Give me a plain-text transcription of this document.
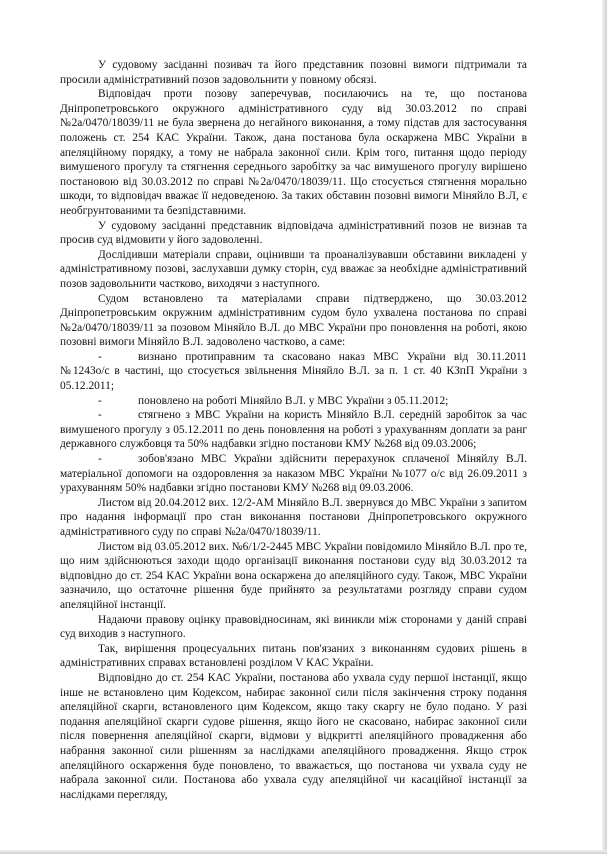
У судовому засіданні позивач та його представник позовні вимоги підтримали та просили адміністративний позов задовольнити у повному обсязі.

Відповідач проти позову заперечував, посилаючись на те, що постанова Дніпропетровського окружного адміністративного суду від 30.03.2012 по справі №2а/0470/18039/11 не була звернена до негайного виконання, а тому підстав для застосування положень ст. 254 КАС України. Також, дана постанова була оскаржена МВС України в апеляційному порядку, а тому не набрала законної сили. Крім того, питання щодо періоду вимушеного прогулу та стягнення середнього заробітку за час вимушеного прогулу вирішено постановою від 30.03.2012 по справі №2а/0470/18039/11. Що стосується стягнення морально шкоди, то відповідач вважає її недоведеною. За таких обставин позовні вимоги Міняйло В.Л, є необгрунтованими та безпідставними.

У судовому засіданні представник відповідача адміністративний позов не визнав та просив суд відмовити у його задоволенні.

Дослідивши матеріали справи, оцінивши та проаналізувавши обставини викладені у адміністративному позові, заслухавши думку сторін, суд вважає за необхідне адміністративний позов задовольнити частково, виходячи з наступного.

Судом встановлено та матеріалами справи підтверджено, що 30.03.2012 Дніпропетровським окружним адміністративним судом було ухвалена постанова по справі №2а/0470/18039/11 за позовом Міняйло В.Л. до МВС України про поновлення на роботі, якою позовні вимоги Міняйло В.Л. задоволено частково, а саме:

-	визнано протиправним та скасовано наказ МВС України від 30.11.2011 №1243о/с в частині, що стосується звільнення Міняйло В.Л. за п. 1 ст. 40 КЗпП України з 05.12.2011;

-	поновлено на роботі Міняйло В.Л. у МВС України з 05.11.2012;

-	стягнено з МВС України на користь Міняйло В.Л. середній заробіток за час вимушеного прогулу з 05.12.2011 по день поновлення на роботі з урахуванням доплати за ранг державного службовця та 50% надбавки згідно постанови КМУ №268 від 09.03.2006;

-	зобов'язано МВС України здійснити перерахунок сплаченої Міняйлу В.Л. матеріальної допомоги на оздоровлення за наказом МВС України №1077 о/с від 26.09.2011 з урахуванням 50% надбавки згідно постанови КМУ №268 від 09.03.2006.

Листом від 20.04.2012 вих. 12/2-АМ Міняйло В.Л. звернувся до МВС України з запитом про надання інформації про стан виконання постанови Дніпропетровського окружного адміністративного суду по справі №2а/0470/18039/11.

Листом від 03.05.2012 вих. №6/1/2-2445 МВС України повідомило Міняйло В.Л. про те, що ним здійснюються заходи щодо організації виконання постанови суду від 30.03.2012 та відповідно до ст. 254 КАС України вона оскаржена до апеляційного суду. Також, МВС України зазначило, що остаточне рішення буде прийнято за результатами розгляду справи судом апеляційної інстанції.

Надаючи правову оцінку правовідносинам, які виникли між сторонами у даній справі суд виходив з наступного.

Так, вирішення процесуальних питань пов'язаних з виконанням судових рішень в адміністративних справах встановлені розділом V КАС України.

Відповідно до ст. 254 КАС України, постанова або ухвала суду першої інстанції, якщо інше не встановлено цим Кодексом, набирає законної сили після закінчення строку подання апеляційної скарги, встановленого цим Кодексом, якщо таку скаргу не було подано. У разі подання апеляційної скарги судове рішення, якщо його не скасовано, набирає законної сили після повернення апеляційної скарги, відмови у відкритті апеляційного провадження або набрання законної сили рішенням за наслідками апеляційного провадження. Якщо строк апеляційного оскарження буде поновлено, то вважається, що постанова чи ухвала суду не набрала законної сили. Постанова або ухвала суду апеляційної чи касаційної інстанції за наслідками перегляду,
